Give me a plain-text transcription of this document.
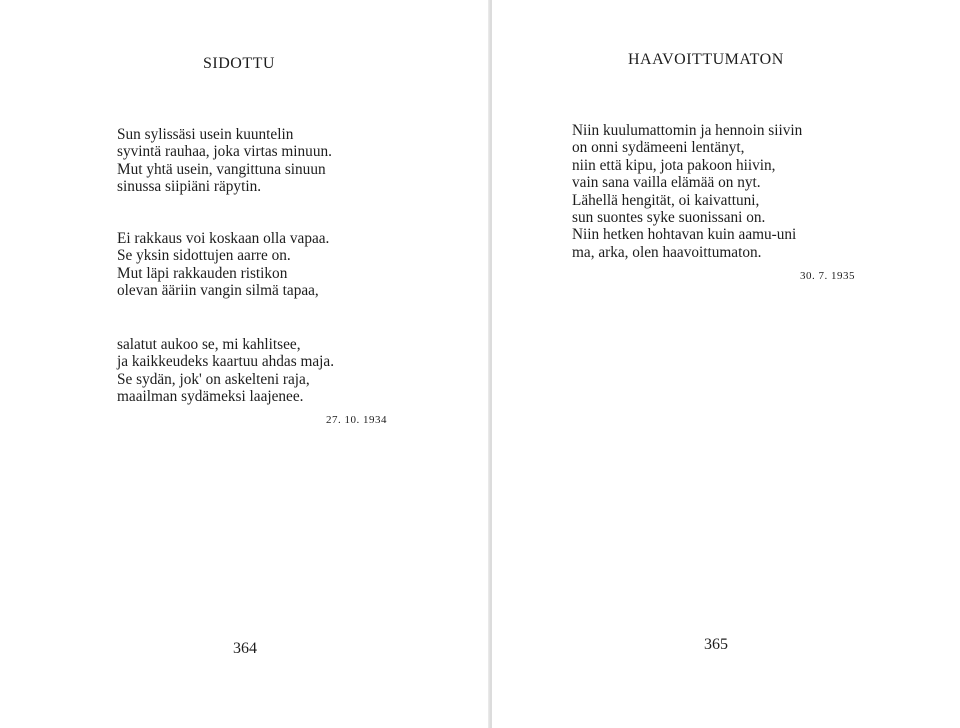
SIDOTTU
Sun sylissäsi usein kuuntelin
syvintä rauhaa, joka virtas minuun.
Mut yhtä usein, vangittuna sinuun
sinussa siipiäni räpytin.
Ei rakkaus voi koskaan olla vapaa.
Se yksin sidottujen aarre on.
Mut läpi rakkauden ristikon
olevan ääriin vangin silmä tapaa,
salatut aukoo se, mi kahlitsee,
ja kaikkeudeks kaartuu ahdas maja.
Se sydän, jok' on askelteni raja,
maailman sydämeksi laajenee.
27. 10. 1934
364
HAAVOITTUMATON
Niin kuulumattomin ja hennoin siivin
on onni sydämeeni lentänyt,
niin että kipu, jota pakoon hiivin,
vain sana vailla elämää on nyt.
Lähellä hengität, oi kaivattuni,
sun suontes syke suonissani on.
Niin hetken hohtavan kuin aamu-uni
ma, arka, olen haavoittumaton.
30. 7. 1935
365
